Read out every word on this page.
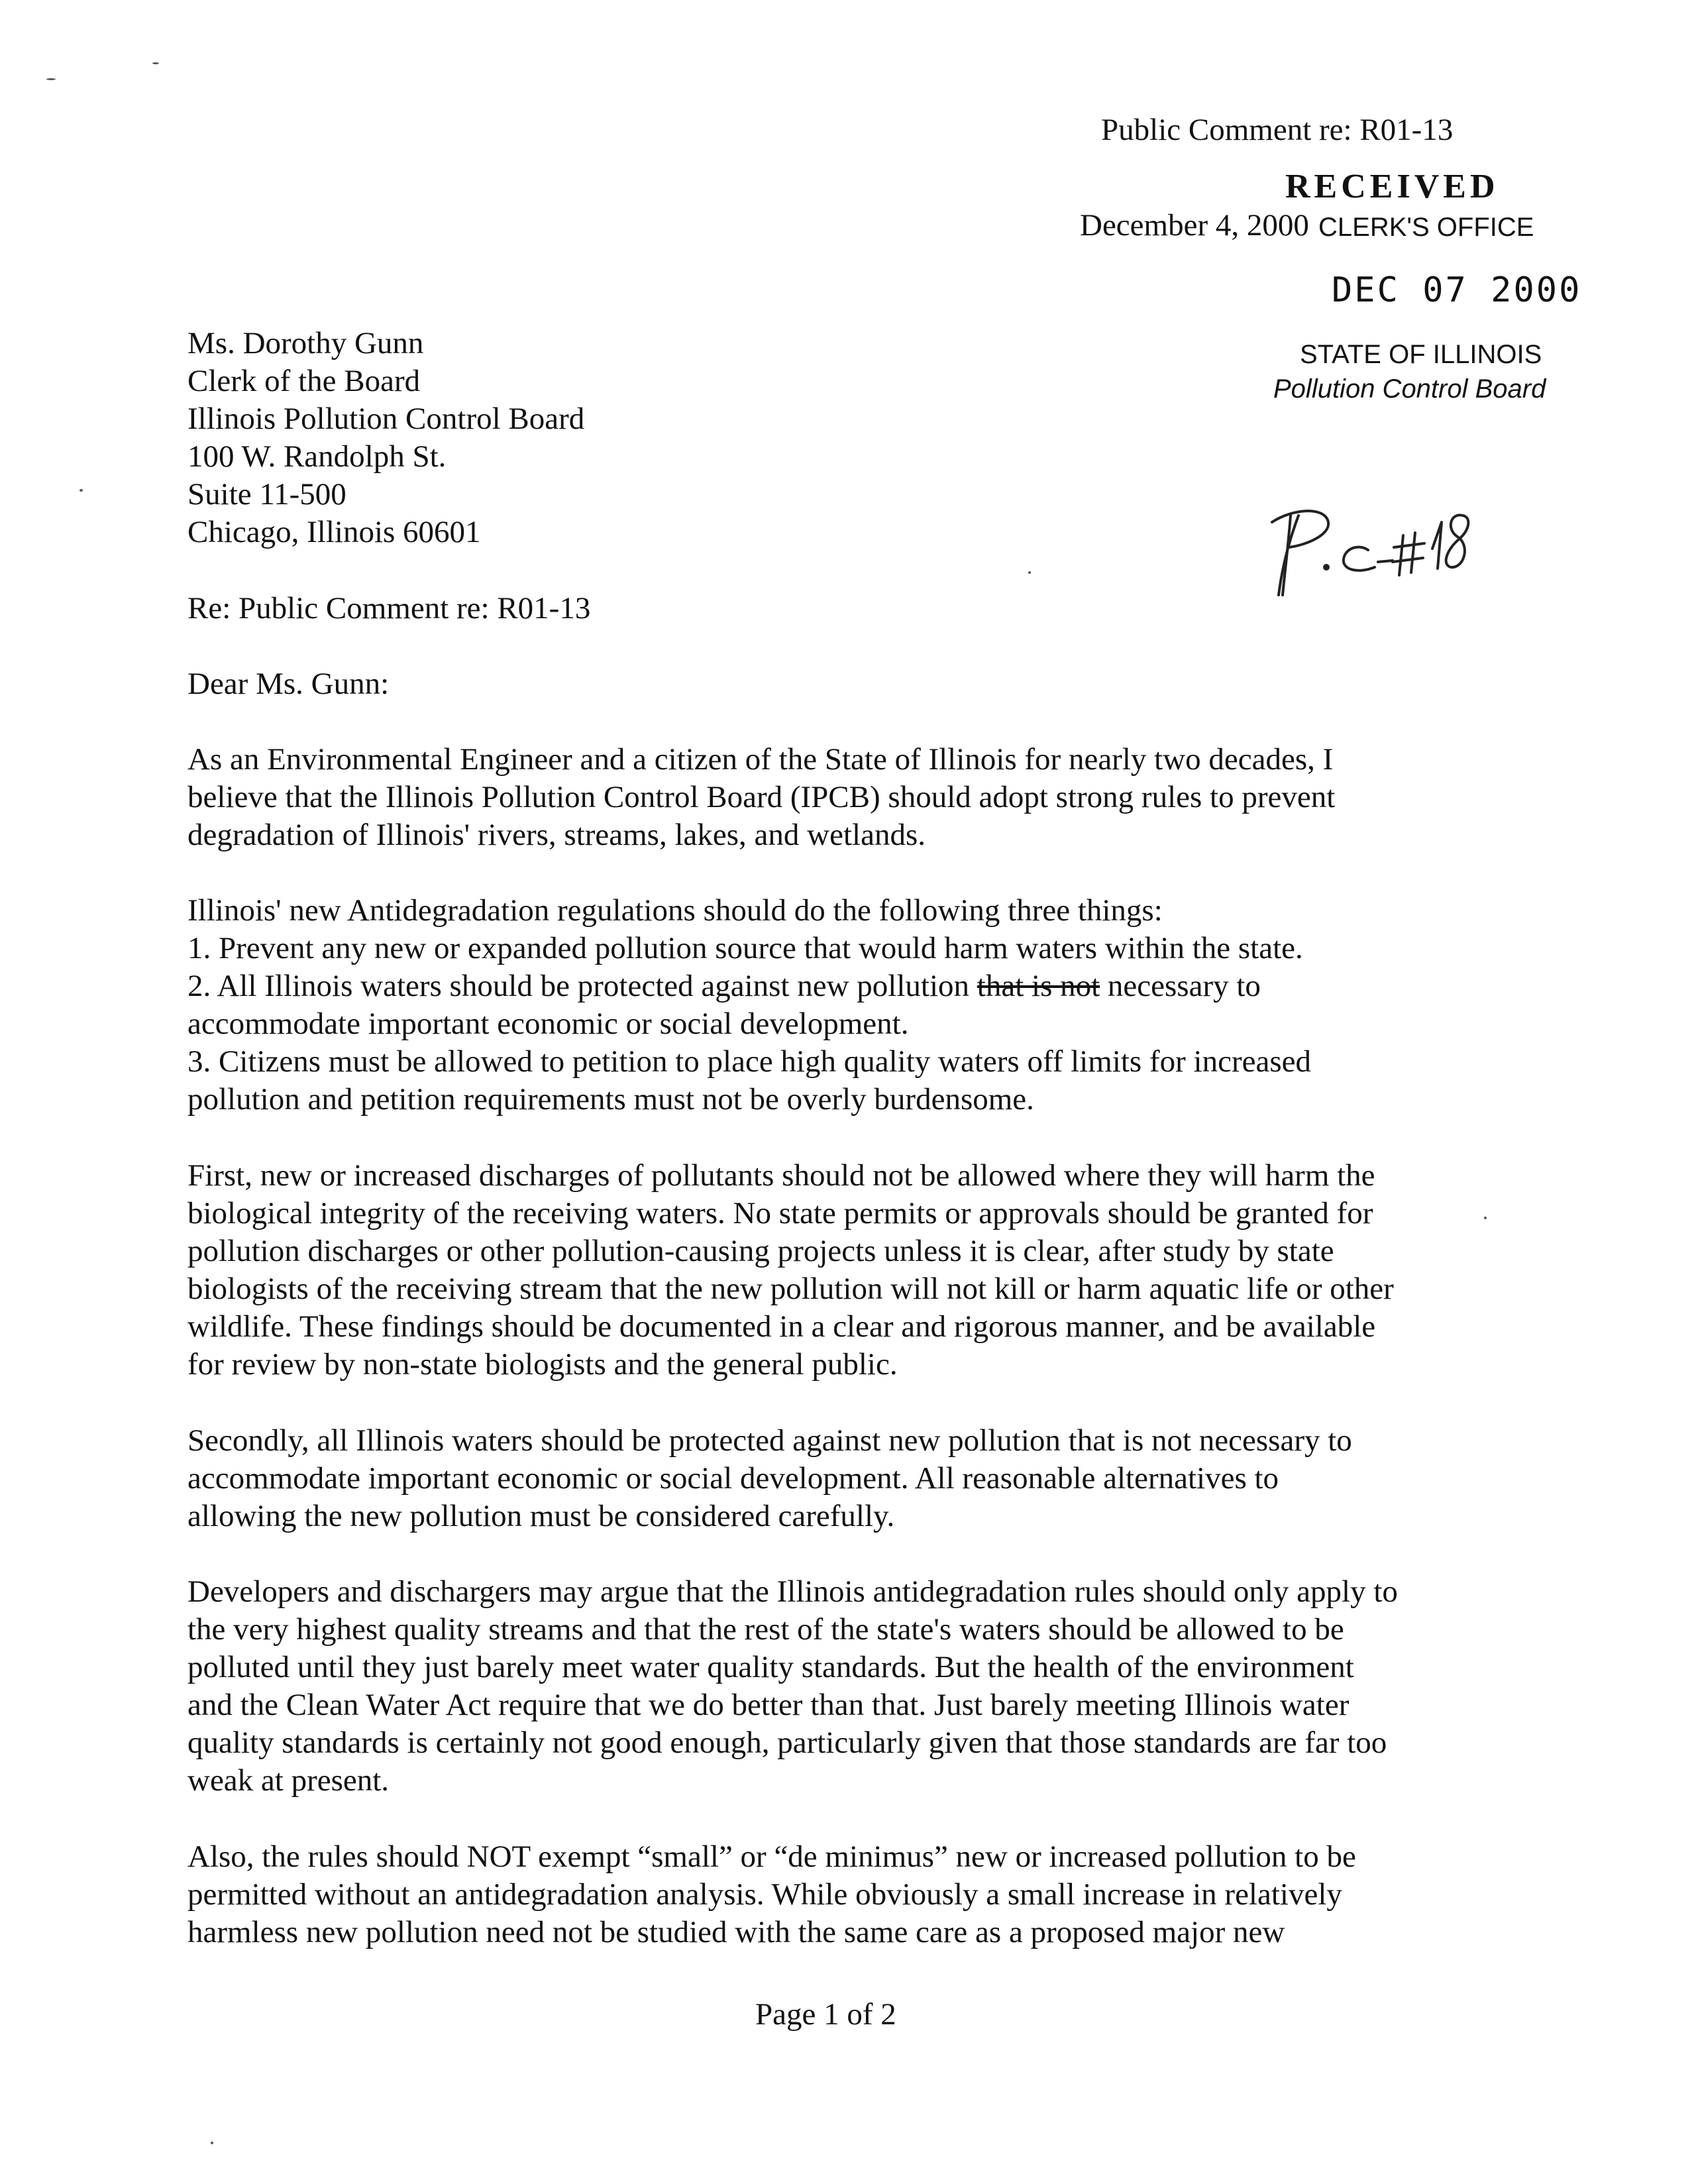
Public Comment re: R01-13
December 4, 2000
RECEIVED
CLERK'S OFFICE
DEC 07 2000
STATE OF ILLINOIS
Pollution Control Board
Ms. Dorothy Gunn
Clerk of the Board
Illinois Pollution Control Board
100 W. Randolph St.
Suite 11-500
Chicago, Illinois 60601
Re: Public Comment re: R01-13
Dear Ms. Gunn:
As an Environmental Engineer and a citizen of the State of Illinois for nearly two decades, I
believe that the Illinois Pollution Control Board (IPCB) should adopt strong rules to prevent
degradation of Illinois' rivers, streams, lakes, and wetlands.
Illinois' new Antidegradation regulations should do the following three things:
1. Prevent any new or expanded pollution source that would harm waters within the state.
2. All Illinois waters should be protected against new pollution that is not necessary to
accommodate important economic or social development.
3. Citizens must be allowed to petition to place high quality waters off limits for increased
pollution and petition requirements must not be overly burdensome.
First, new or increased discharges of pollutants should not be allowed where they will harm the
biological integrity of the receiving waters. No state permits or approvals should be granted for
pollution discharges or other pollution-causing projects unless it is clear, after study by state
biologists of the receiving stream that the new pollution will not kill or harm aquatic life or other
wildlife. These findings should be documented in a clear and rigorous manner, and be available
for review by non-state biologists and the general public.
Secondly, all Illinois waters should be protected against new pollution that is not necessary to
accommodate important economic or social development. All reasonable alternatives to
allowing the new pollution must be considered carefully.
Developers and dischargers may argue that the Illinois antidegradation rules should only apply to
the very highest quality streams and that the rest of the state's waters should be allowed to be
polluted until they just barely meet water quality standards. But the health of the environment
and the Clean Water Act require that we do better than that. Just barely meeting Illinois water
quality standards is certainly not good enough, particularly given that those standards are far too
weak at present.
Also, the rules should NOT exempt “small” or “de minimus” new or increased pollution to be
permitted without an antidegradation analysis. While obviously a small increase in relatively
harmless new pollution need not be studied with the same care as a proposed major new
Page 1 of 2
